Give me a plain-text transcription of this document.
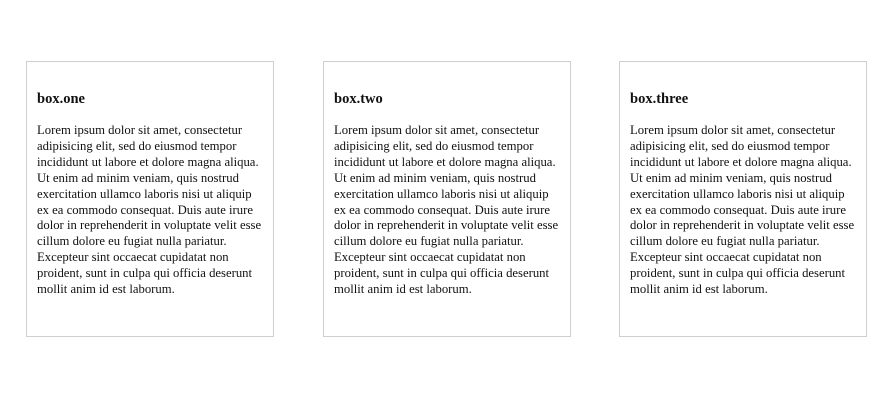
box.one

Lorem ipsum dolor sit amet, consectetur adipisicing elit, sed do eiusmod tempor incididunt ut labore et dolore magna aliqua. Ut enim ad minim veniam, quis nostrud exercitation ullamco laboris nisi ut aliquip ex ea commodo consequat. Duis aute irure dolor in reprehenderit in voluptate velit esse cillum dolore eu fugiat nulla pariatur. Excepteur sint occaecat cupidatat non proident, sunt in culpa qui officia deserunt mollit anim id est laborum.

box.two

Lorem ipsum dolor sit amet, consectetur adipisicing elit, sed do eiusmod tempor incididunt ut labore et dolore magna aliqua. Ut enim ad minim veniam, quis nostrud exercitation ullamco laboris nisi ut aliquip ex ea commodo consequat. Duis aute irure dolor in reprehenderit in voluptate velit esse cillum dolore eu fugiat nulla pariatur. Excepteur sint occaecat cupidatat non proident, sunt in culpa qui officia deserunt mollit anim id est laborum.

box.three

Lorem ipsum dolor sit amet, consectetur adipisicing elit, sed do eiusmod tempor incididunt ut labore et dolore magna aliqua. Ut enim ad minim veniam, quis nostrud exercitation ullamco laboris nisi ut aliquip ex ea commodo consequat. Duis aute irure dolor in reprehenderit in voluptate velit esse cillum dolore eu fugiat nulla pariatur. Excepteur sint occaecat cupidatat non proident, sunt in culpa qui officia deserunt mollit anim id est laborum.
